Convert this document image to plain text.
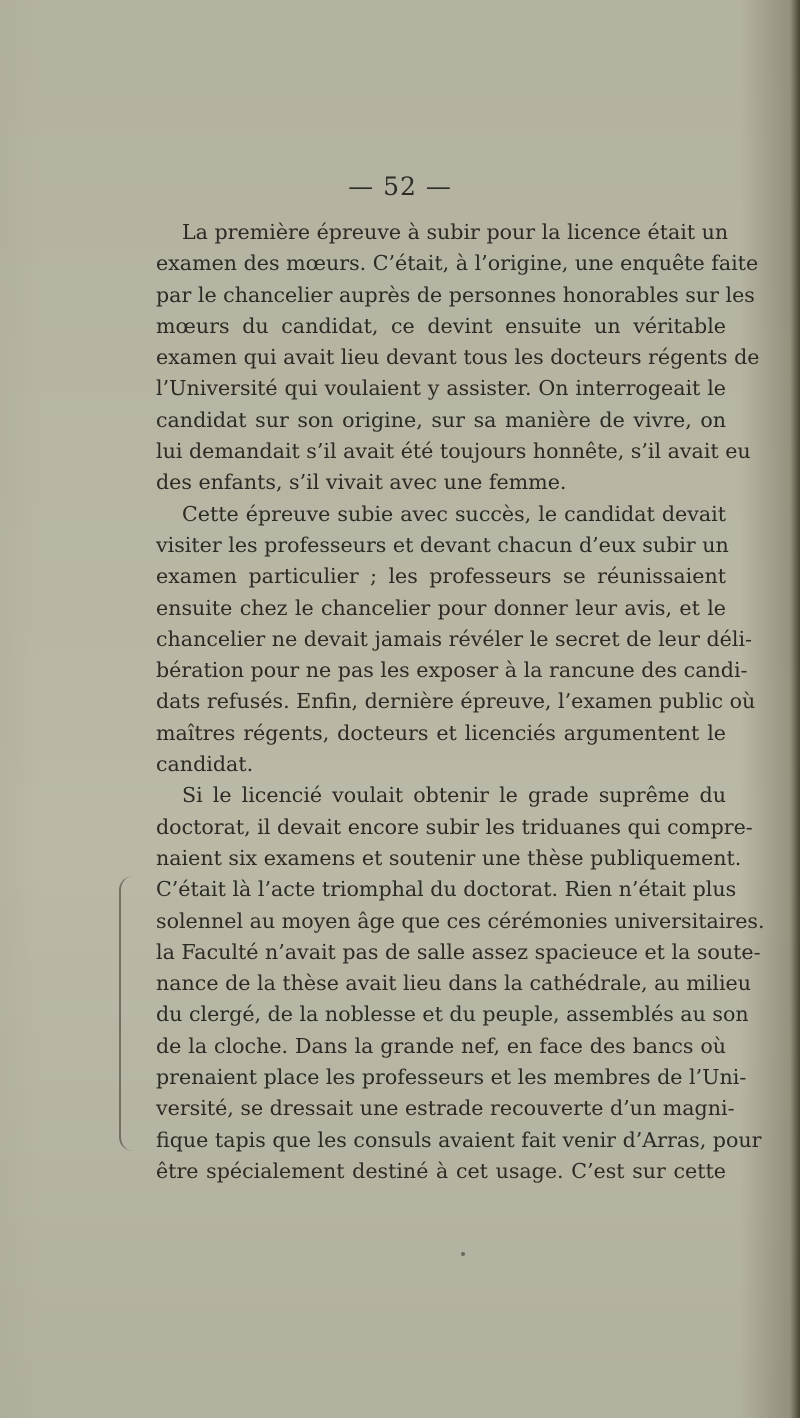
— 52 —
La première épreuve à subir pour la licence était un
examen des mœurs. C’était, à l’origine, une enquête faite
par le chancelier auprès de personnes honorables sur les
mœurs du candidat, ce devint ensuite un véritable
examen qui avait lieu devant tous les docteurs régents de
l’Université qui voulaient y assister. On interrogeait le
candidat sur son origine, sur sa manière de vivre, on
lui demandait s’il avait été toujours honnête, s’il avait eu
des enfants, s’il vivait avec une femme.
Cette épreuve subie avec succès, le candidat devait
visiter les professeurs et devant chacun d’eux subir un
examen particulier ; les professeurs se réunissaient
ensuite chez le chancelier pour donner leur avis, et le
chancelier ne devait jamais révéler le secret de leur déli-
bération pour ne pas les exposer à la rancune des candi-
dats refusés. Enfin, dernière épreuve, l’examen public où
maîtres régents, docteurs et licenciés argumentent le
candidat.
Si le licencié voulait obtenir le grade suprême du
doctorat, il devait encore subir les triduanes qui compre-
naient six examens et soutenir une thèse publiquement.
C’était là l’acte triomphal du doctorat. Rien n’était plus
solennel au moyen âge que ces cérémonies universitaires.
la Faculté n’avait pas de salle assez spacieuce et la soute-
nance de la thèse avait lieu dans la cathédrale, au milieu
du clergé, de la noblesse et du peuple, assemblés au son
de la cloche. Dans la grande nef, en face des bancs où
prenaient place les professeurs et les membres de l’Uni-
versité, se dressait une estrade recouverte d’un magni-
fique tapis que les consuls avaient fait venir d’Arras, pour
être spécialement destiné à cet usage. C’est sur cette
